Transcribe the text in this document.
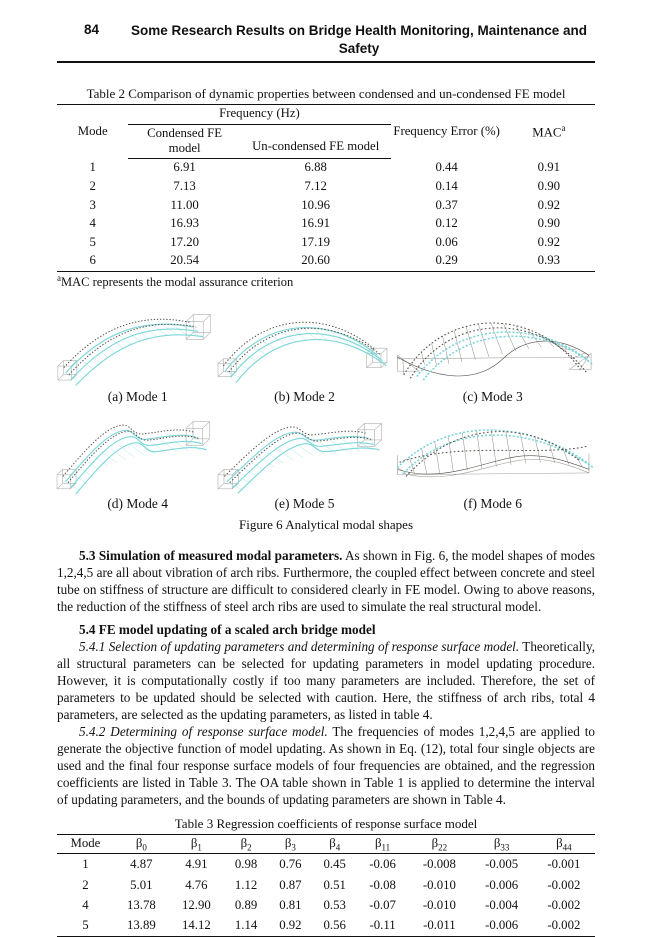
84	Some Research Results on Bridge Health Monitoring, Maintenance and Safety
Table 2 Comparison of dynamic properties between condensed and un-condensed FE model
Mode	Frequency (Hz)		Frequency Error (%)	MAC$^a$
	Condensed FE model	Un-condensed FE model		
1	6.91	6.88	0.44	0.91
2	7.13	7.12	0.14	0.90
3	11.00	10.96	0.37	0.92
4	16.93	16.91	0.12	0.90
5	17.20	17.19	0.06	0.92
6	20.54	20.60	0.29	0.93
$^a$MAC represents the modal assurance criterion
(a) Mode 1	(b) Mode 2	(c) Mode 3
(d) Mode 4	(e) Mode 5	(f) Mode 6
Figure 6 Analytical modal shapes

5.3 Simulation of measured modal parameters. As shown in Fig. 6, the model shapes of modes 1,2,4,5 are all about vibration of arch ribs. Furthermore, the coupled effect between concrete and steel tube on stiffness of structure are difficult to considered clearly in FE model. Owing to above reasons, the reduction of the stiffness of steel arch ribs are used to simulate the real structural model.

5.4 FE model updating of a scaled arch bridge model

5.4.1 Selection of updating parameters and determining of response surface model. Theoretically, all structural parameters can be selected for updating parameters in model updating procedure. However, it is computationally costly if too many parameters are included. Therefore, the set of parameters to be updated should be selected with caution. Here, the stiffness of arch ribs, total 4 parameters, are selected as the updating parameters, as listed in table 4.

5.4.2 Determining of response surface model. The frequencies of modes 1,2,4,5 are applied to generate the objective function of model updating. As shown in Eq. (12), total four single objects are used and the final four response surface models of four frequencies are obtained, and the regression coefficients are listed in Table 3. The OA table shown in Table 1 is applied to determine the interval of updating parameters, and the bounds of updating parameters are shown in Table 4.

Table 3 Regression coefficients of response surface model
Mode	$\beta_0$	$\beta_1$	$\beta_2$	$\beta_3$	$\beta_4$	$\beta_{11}$	$\beta_{22}$	$\beta_{33}$	$\beta_{44}$
1	4.87	4.91	0.98	0.76	0.45	-0.06	-0.008	-0.005	-0.001
2	5.01	4.76	1.12	0.87	0.51	-0.08	-0.010	-0.006	-0.002
4	13.78	12.90	0.89	0.81	0.53	-0.07	-0.010	-0.004	-0.002
5	13.89	14.12	1.14	0.92	0.56	-0.11	-0.011	-0.006	-0.002
